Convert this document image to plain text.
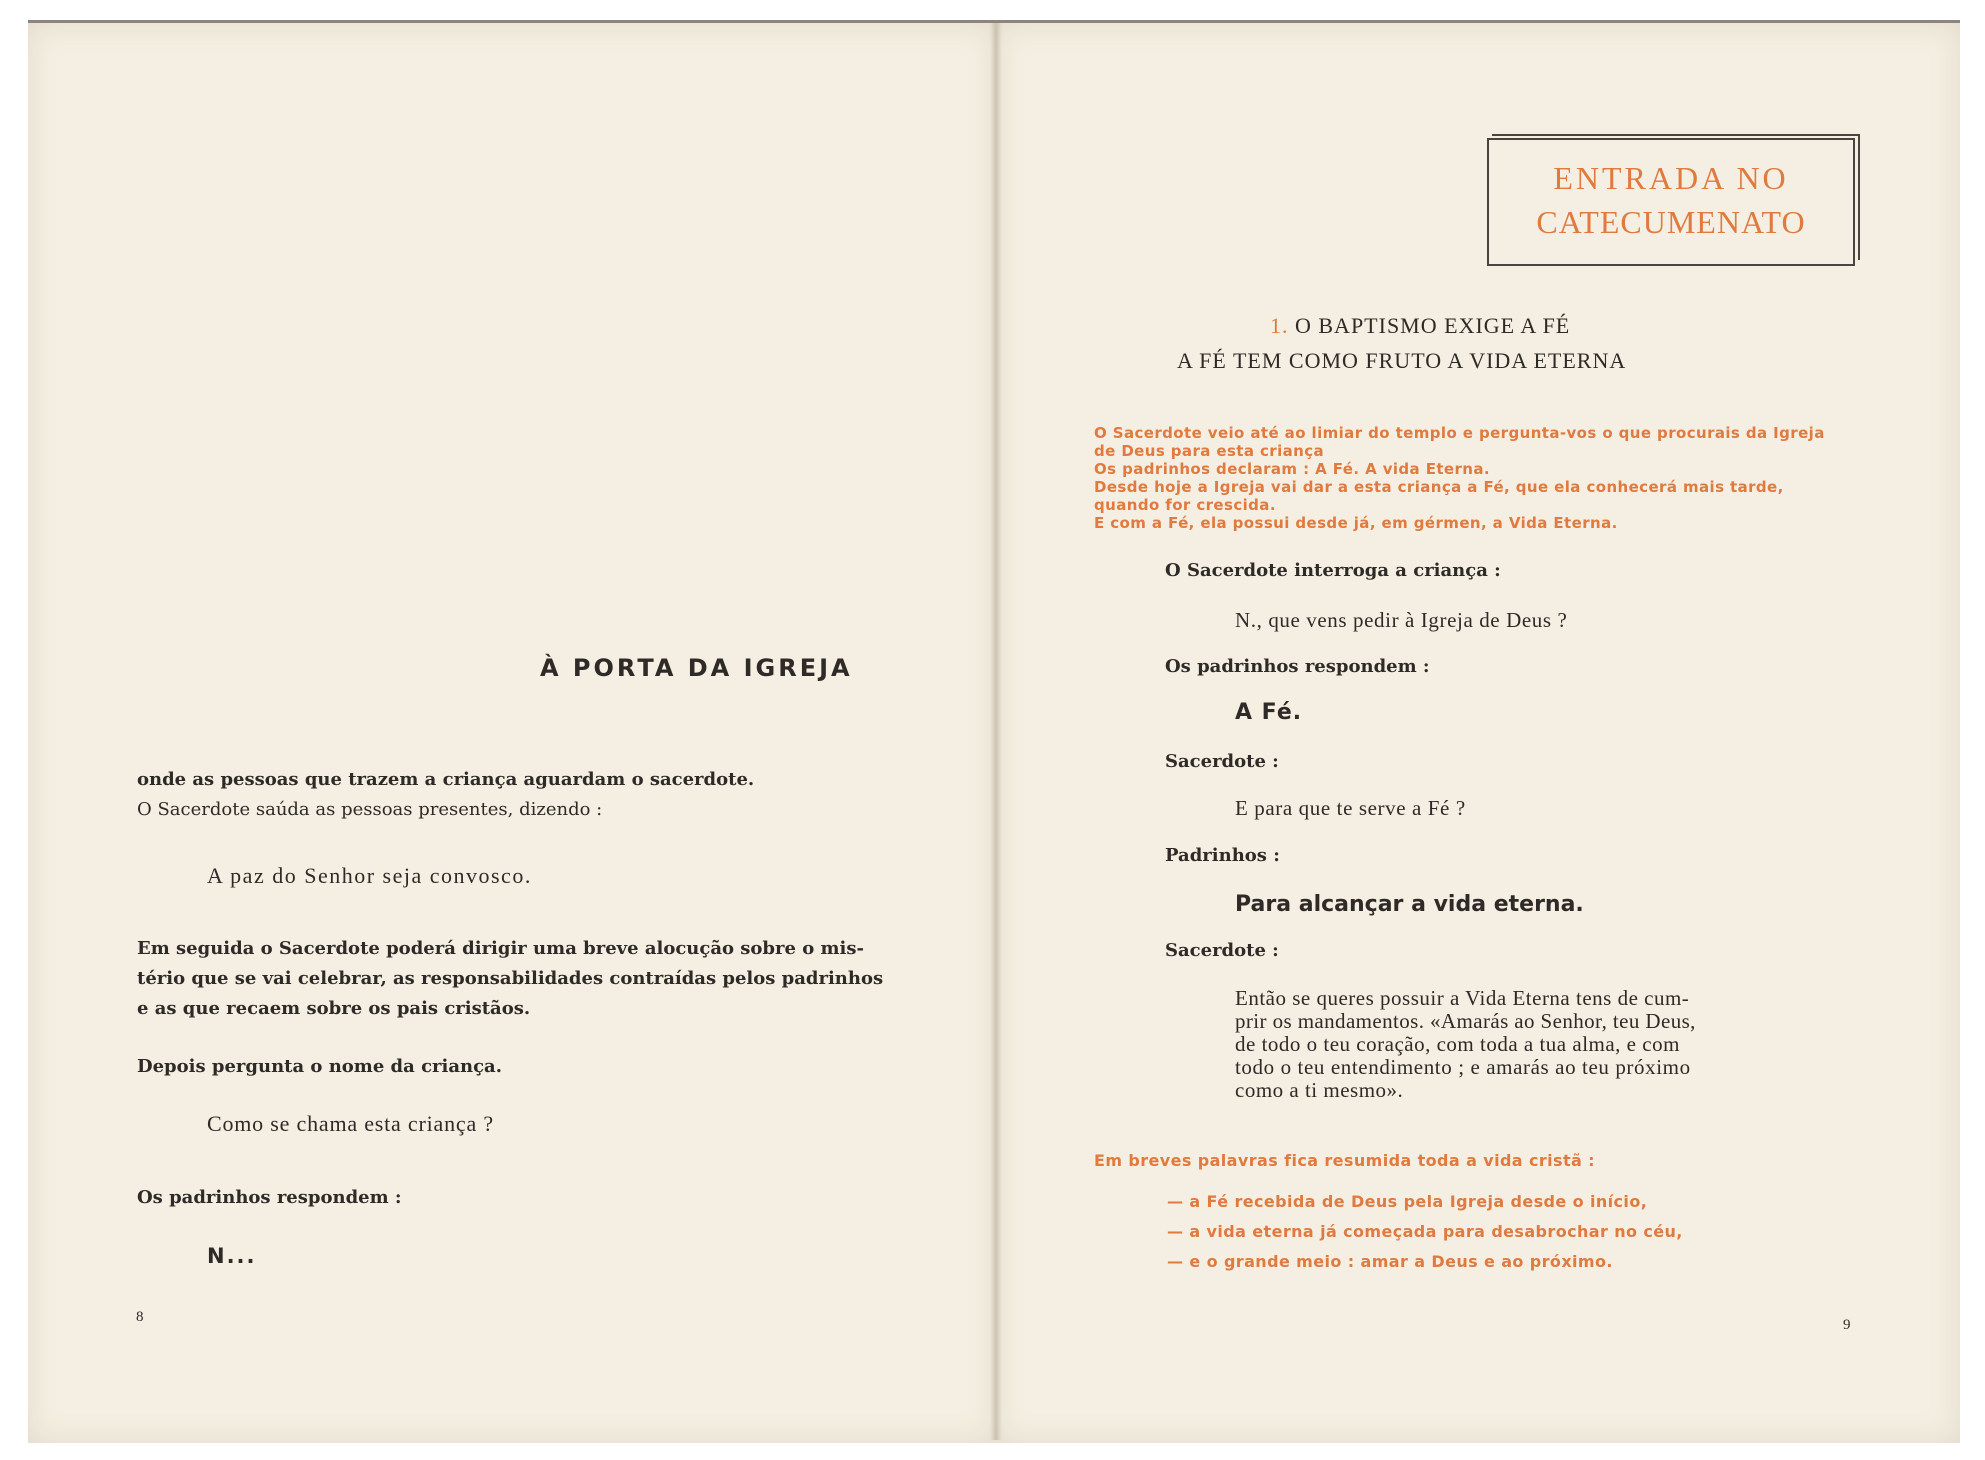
À PORTA DA IGREJA
onde as pessoas que trazem a criança aguardam o sacerdote.
O Sacerdote saúda as pessoas presentes, dizendo :
A paz do Senhor seja convosco.
Em seguida o Sacerdote poderá dirigir uma breve alocução sobre o mis-
tério que se vai celebrar, as responsabilidades contraídas pelos padrinhos
e as que recaem sobre os pais cristãos.
Depois pergunta o nome da criança.
Como se chama esta criança ?
Os padrinhos respondem :
N...
8
ENTRADA NO
CATECUMENATO
1. O BAPTISMO EXIGE A FÉ
A FÉ TEM COMO FRUTO A VIDA ETERNA
O Sacerdote veio até ao limiar do templo e pergunta-vos o que procurais da Igreja
de Deus para esta criança
Os padrinhos declaram : A Fé. A vida Eterna.
Desde hoje a Igreja vai dar a esta criança a Fé, que ela conhecerá mais tarde,
quando for crescida.
E com a Fé, ela possui desde já, em gérmen, a Vida Eterna.
O Sacerdote interroga a criança :
N., que vens pedir à Igreja de Deus ?
Os padrinhos respondem :
A Fé.
Sacerdote :
E para que te serve a Fé ?
Padrinhos :
Para alcançar a vida eterna.
Sacerdote :
Então se queres possuir a Vida Eterna tens de cum-
prir os mandamentos. «Amarás ao Senhor, teu Deus,
de todo o teu coração, com toda a tua alma, e com
todo o teu entendimento ; e amarás ao teu próximo
como a ti mesmo».
Em breves palavras fica resumida toda a vida cristã :
— a Fé recebida de Deus pela Igreja desde o início,
— a vida eterna já começada para desabrochar no céu,
— e o grande meio : amar a Deus e ao próximo.
9
